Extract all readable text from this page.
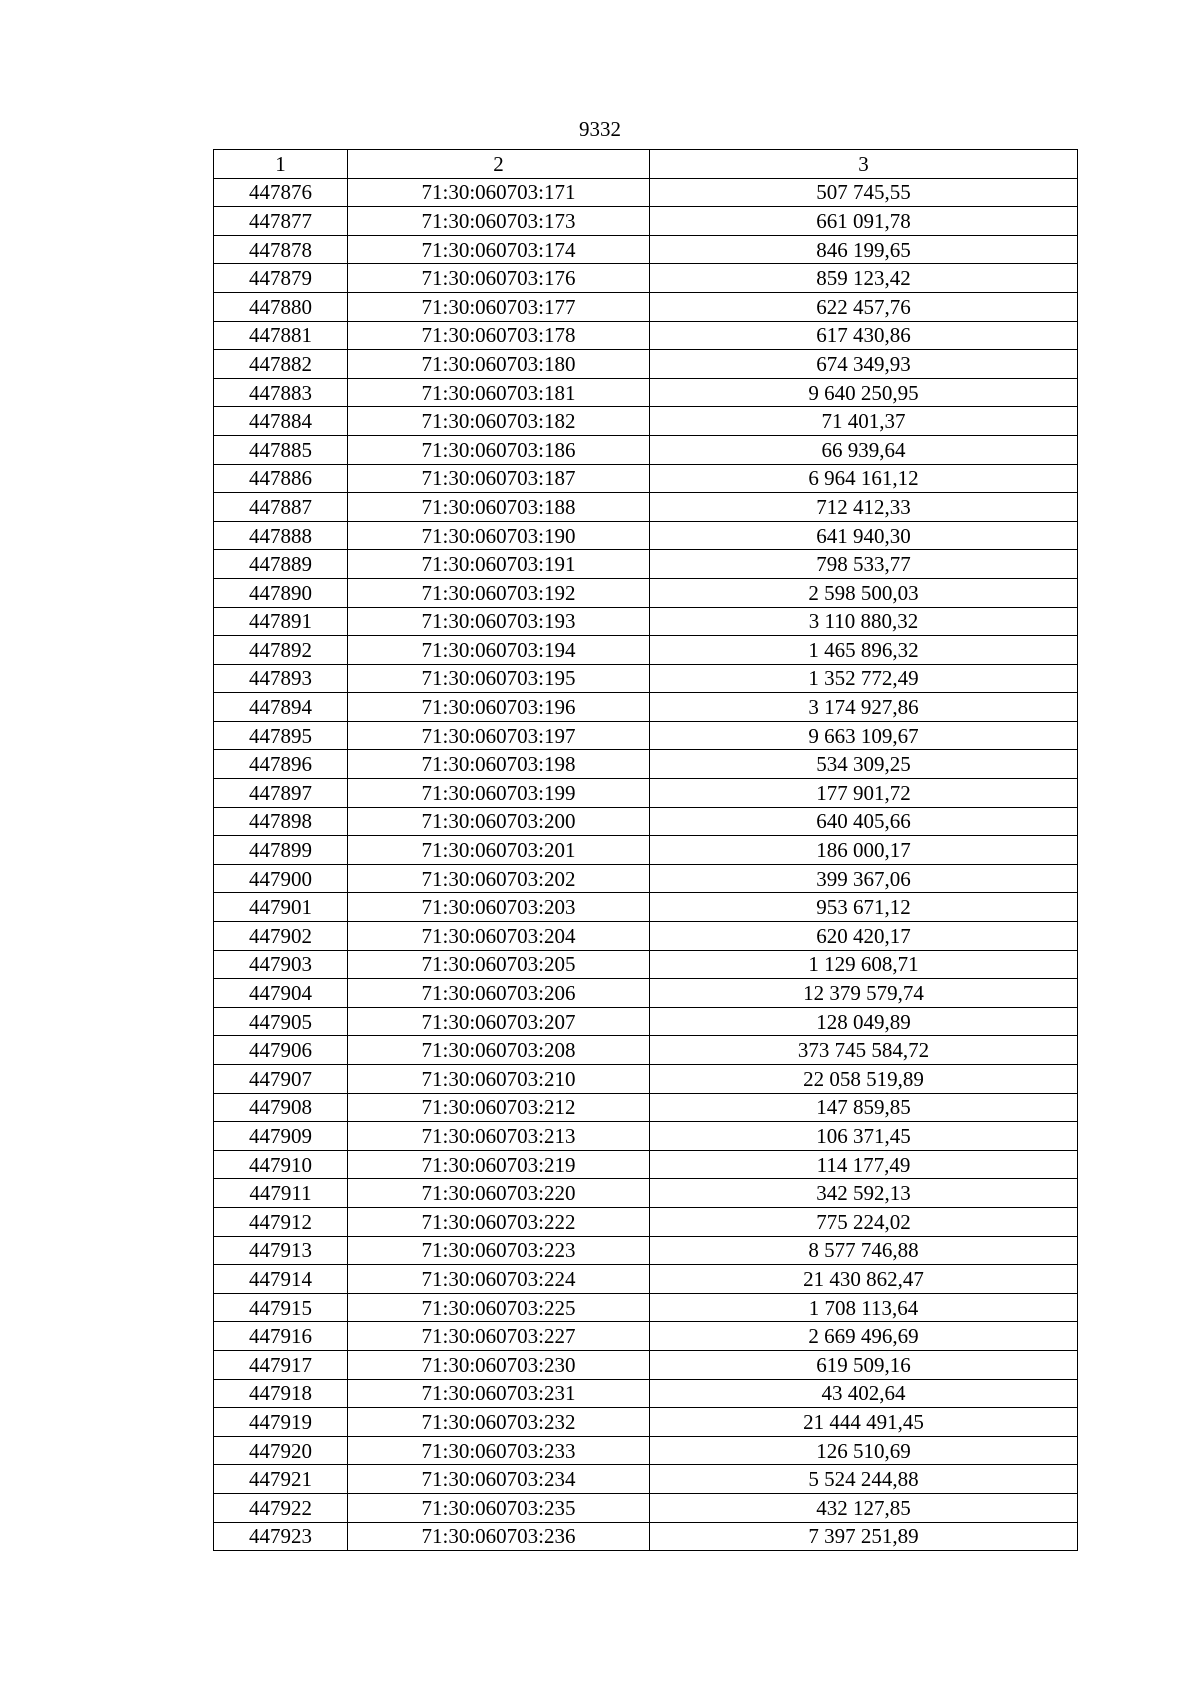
9332
1	2	3
447876	71:30:060703:171	507 745,55
447877	71:30:060703:173	661 091,78
447878	71:30:060703:174	846 199,65
447879	71:30:060703:176	859 123,42
447880	71:30:060703:177	622 457,76
447881	71:30:060703:178	617 430,86
447882	71:30:060703:180	674 349,93
447883	71:30:060703:181	9 640 250,95
447884	71:30:060703:182	71 401,37
447885	71:30:060703:186	66 939,64
447886	71:30:060703:187	6 964 161,12
447887	71:30:060703:188	712 412,33
447888	71:30:060703:190	641 940,30
447889	71:30:060703:191	798 533,77
447890	71:30:060703:192	2 598 500,03
447891	71:30:060703:193	3 110 880,32
447892	71:30:060703:194	1 465 896,32
447893	71:30:060703:195	1 352 772,49
447894	71:30:060703:196	3 174 927,86
447895	71:30:060703:197	9 663 109,67
447896	71:30:060703:198	534 309,25
447897	71:30:060703:199	177 901,72
447898	71:30:060703:200	640 405,66
447899	71:30:060703:201	186 000,17
447900	71:30:060703:202	399 367,06
447901	71:30:060703:203	953 671,12
447902	71:30:060703:204	620 420,17
447903	71:30:060703:205	1 129 608,71
447904	71:30:060703:206	12 379 579,74
447905	71:30:060703:207	128 049,89
447906	71:30:060703:208	373 745 584,72
447907	71:30:060703:210	22 058 519,89
447908	71:30:060703:212	147 859,85
447909	71:30:060703:213	106 371,45
447910	71:30:060703:219	114 177,49
447911	71:30:060703:220	342 592,13
447912	71:30:060703:222	775 224,02
447913	71:30:060703:223	8 577 746,88
447914	71:30:060703:224	21 430 862,47
447915	71:30:060703:225	1 708 113,64
447916	71:30:060703:227	2 669 496,69
447917	71:30:060703:230	619 509,16
447918	71:30:060703:231	43 402,64
447919	71:30:060703:232	21 444 491,45
447920	71:30:060703:233	126 510,69
447921	71:30:060703:234	5 524 244,88
447922	71:30:060703:235	432 127,85
447923	71:30:060703:236	7 397 251,89
